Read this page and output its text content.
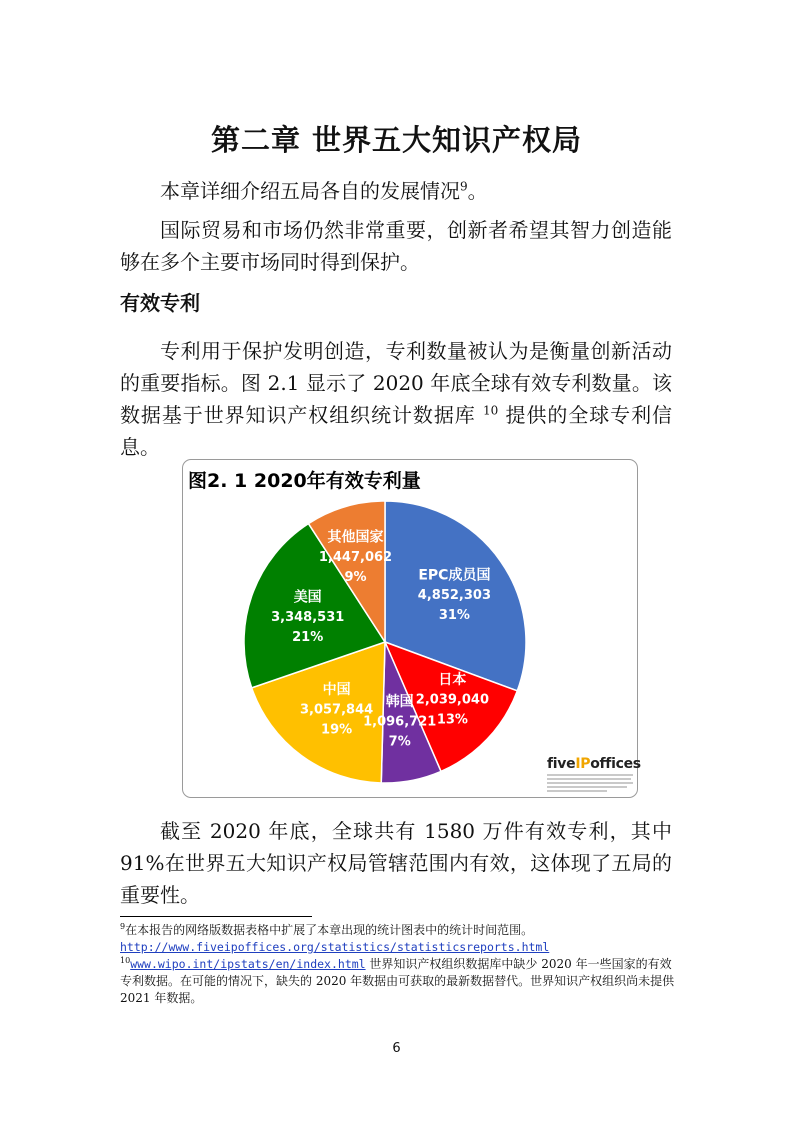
第二章 世界五大知识产权局

本章详细介绍五局各自的发展情况$^9$。

国际贸易和市场仍然非常重要，创新者希望其智力创造能够在多个主要市场同时得到保护。

有效专利

专利用于保护发明创造，专利数量被认为是衡量创新活动的重要指标。图 2.1 显示了 2020 年底全球有效专利数量。该数据基于世界知识产权组织统计数据库 $^{10}$ 提供的全球专利信息。

EPC成员国
4,852,303
31%
日本
2,039,040
13%
韩国
1,096,721
7%
中国
3,057,844
19%
美国
3,348,531
21%
其他国家
1,447,062
9%
图2. 1 2020年有效专利量
fiveIPoffices

截至 2020 年底，全球共有 1580 万件有效专利，其中 91%在世界五大知识产权局管辖范围内有效，这体现了五局的重要性。

$^9$在本报告的网络版数据表格中扩展了本章出现的统计图表中的统计时间范围。

http://www.fiveipoffices.org/statistics/statisticsreports.html

$^{10}$www.wipo.int/ipstats/en/index.html 世界知识产权组织数据库中缺少 2020 年一些国家的有效专利数据。在可能的情况下，缺失的 2020 年数据由可获取的最新数据替代。世界知识产权组织尚未提供 2021 年数据。

6
